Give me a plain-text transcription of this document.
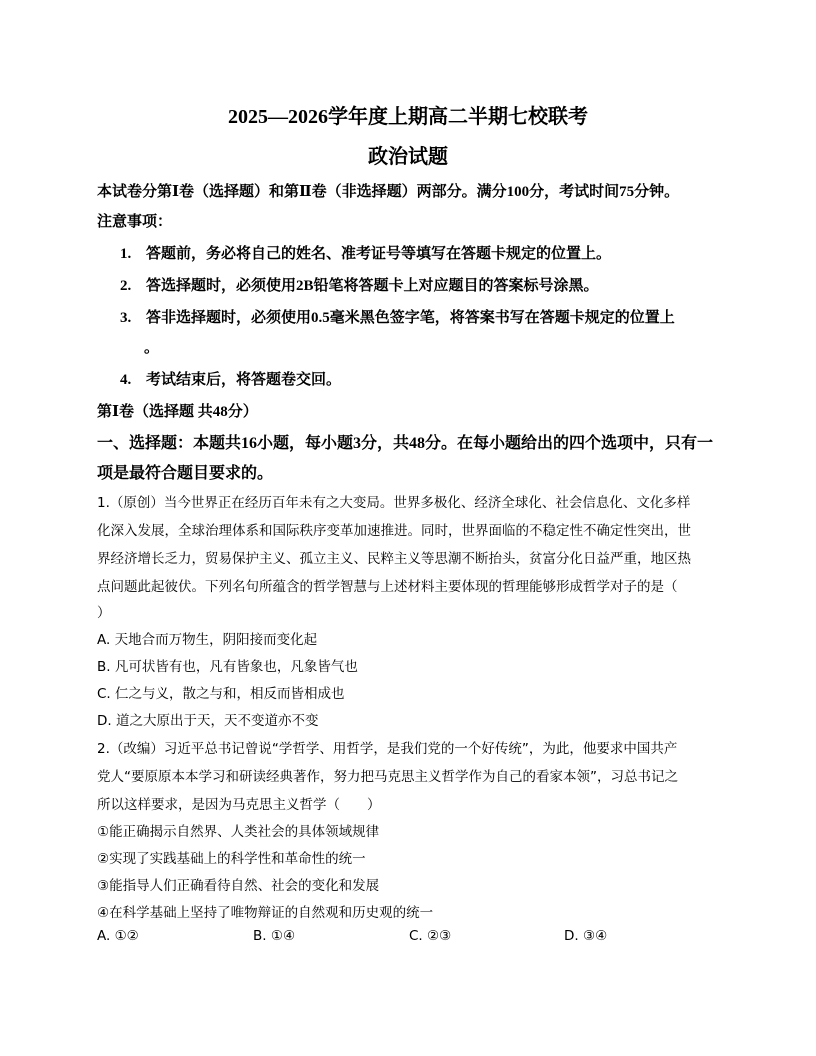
2025—2026学年度上期高二半期七校联考
政治试题
本试卷分第Ⅰ卷（选择题）和第Ⅱ卷（非选择题）两部分。满分100分，考试时间75分钟。
注意事项：
1. 答题前，务必将自己的姓名、准考证号等填写在答题卡规定的位置上。
2. 答选择题时，必须使用2B铅笔将答题卡上对应题目的答案标号涂黑。
3. 答非选择题时，必须使用0.5毫米黑色签字笔，将答案书写在答题卡规定的位置上
。
4. 考试结束后，将答题卷交回。
第Ⅰ卷（选择题 共48分）
一、选择题：本题共16小题，每小题3分，共48分。在每小题给出的四个选项中，只有一
项是最符合题目要求的。
1.（原创）当今世界正在经历百年未有之大变局。世界多极化、经济全球化、社会信息化、文化多样
化深入发展，全球治理体系和国际秩序变革加速推进。同时，世界面临的不稳定性不确定性突出，世
界经济增长乏力，贸易保护主义、孤立主义、民粹主义等思潮不断抬头，贫富分化日益严重，地区热
点问题此起彼伏。下列名句所蕴含的哲学智慧与上述材料主要体现的哲理能够形成哲学对子的是（
）
A. 天地合而万物生，阴阳接而变化起
B. 凡可状皆有也，凡有皆象也，凡象皆气也
C. 仁之与义，散之与和，相反而皆相成也
D. 道之大原出于天，天不变道亦不变
2.（改编）习近平总书记曾说“学哲学、用哲学，是我们党的一个好传统”，为此，他要求中国共产
党人“要原原本本学习和研读经典著作，努力把马克思主义哲学作为自己的看家本领”，习总书记之
所以这样要求，是因为马克思主义哲学（　　）
①能正确揭示自然界、人类社会的具体领域规律
②实现了实践基础上的科学性和革命性的统一
③能指导人们正确看待自然、社会的变化和发展
④在科学基础上坚持了唯物辩证的自然观和历史观的统一
A. ①②	B. ①④	C. ②③	D. ③④
